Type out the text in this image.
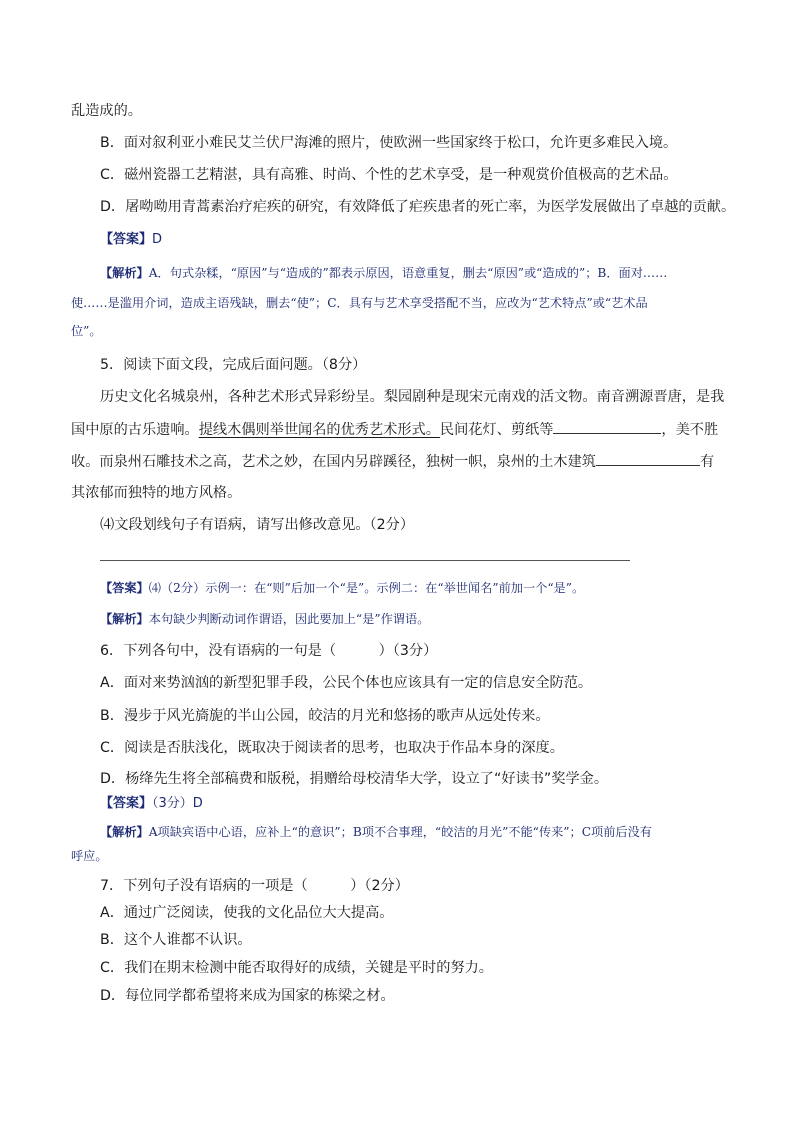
乱造成的。
B．面对叙利亚小难民艾兰伏尸海滩的照片，使欧洲一些国家终于松口，允许更多难民入境。
C．磁州瓷器工艺精湛，具有高雅、时尚、个性的艺术享受，是一种观赏价值极高的艺术品。
D．屠呦呦用青蒿素治疗疟疾的研究，有效降低了疟疾患者的死亡率，为医学发展做出了卓越的贡献。
【答案】D
【解析】A．句式杂糅，“原因”与“造成的”都表示原因，语意重复，删去“原因”或“造成的”；B．面对……
使……是滥用介词，造成主语残缺，删去“使”；C．具有与艺术享受搭配不当，应改为“艺术特点”或“艺术品
位”。
5．阅读下面文段，完成后面问题。（8分）
历史文化名城泉州，各种艺术形式异彩纷呈。梨园剧种是现宋元南戏的活文物。南音溯源晋唐，是我
国中原的古乐遗响。提线木偶则举世闻名的优秀艺术形式。民间花灯、剪纸等	，美不胜
收。而泉州石雕技术之高，艺术之妙，在国内另辟蹊径，独树一帜，泉州的土木建筑	有
其浓郁而独特的地方风格。
⑷文段划线句子有语病，请写出修改意见。（2分）
【答案】⑷（2分）示例一：在“则”后加一个“是”。示例二：在“举世闻名”前加一个“是”。
【解析】本句缺少判断动词作谓语，因此要加上“是”作谓语。
6．下列各句中，没有语病的一句是（　　　）（3分）
A．面对来势汹汹的新型犯罪手段，公民个体也应该具有一定的信息安全防范。
B．漫步于风光旖旎的半山公园，皎洁的月光和悠扬的歌声从远处传来。
C．阅读是否肤浅化，既取决于阅读者的思考，也取决于作品本身的深度。
D．杨绛先生将全部稿费和版税，捐赠给母校清华大学，设立了“好读书”奖学金。
【答案】（3分）D
【解析】A项缺宾语中心语，应补上“的意识”；B项不合事理，“皎洁的月光”不能“传来”；C项前后没有
呼应。
7．下列句子没有语病的一项是（　　　）（2分）
A．通过广泛阅读，使我的文化品位大大提高。
B．这个人谁都不认识。
C．我们在期末检测中能否取得好的成绩，关键是平时的努力。
D．每位同学都希望将来成为国家的栋梁之材。
